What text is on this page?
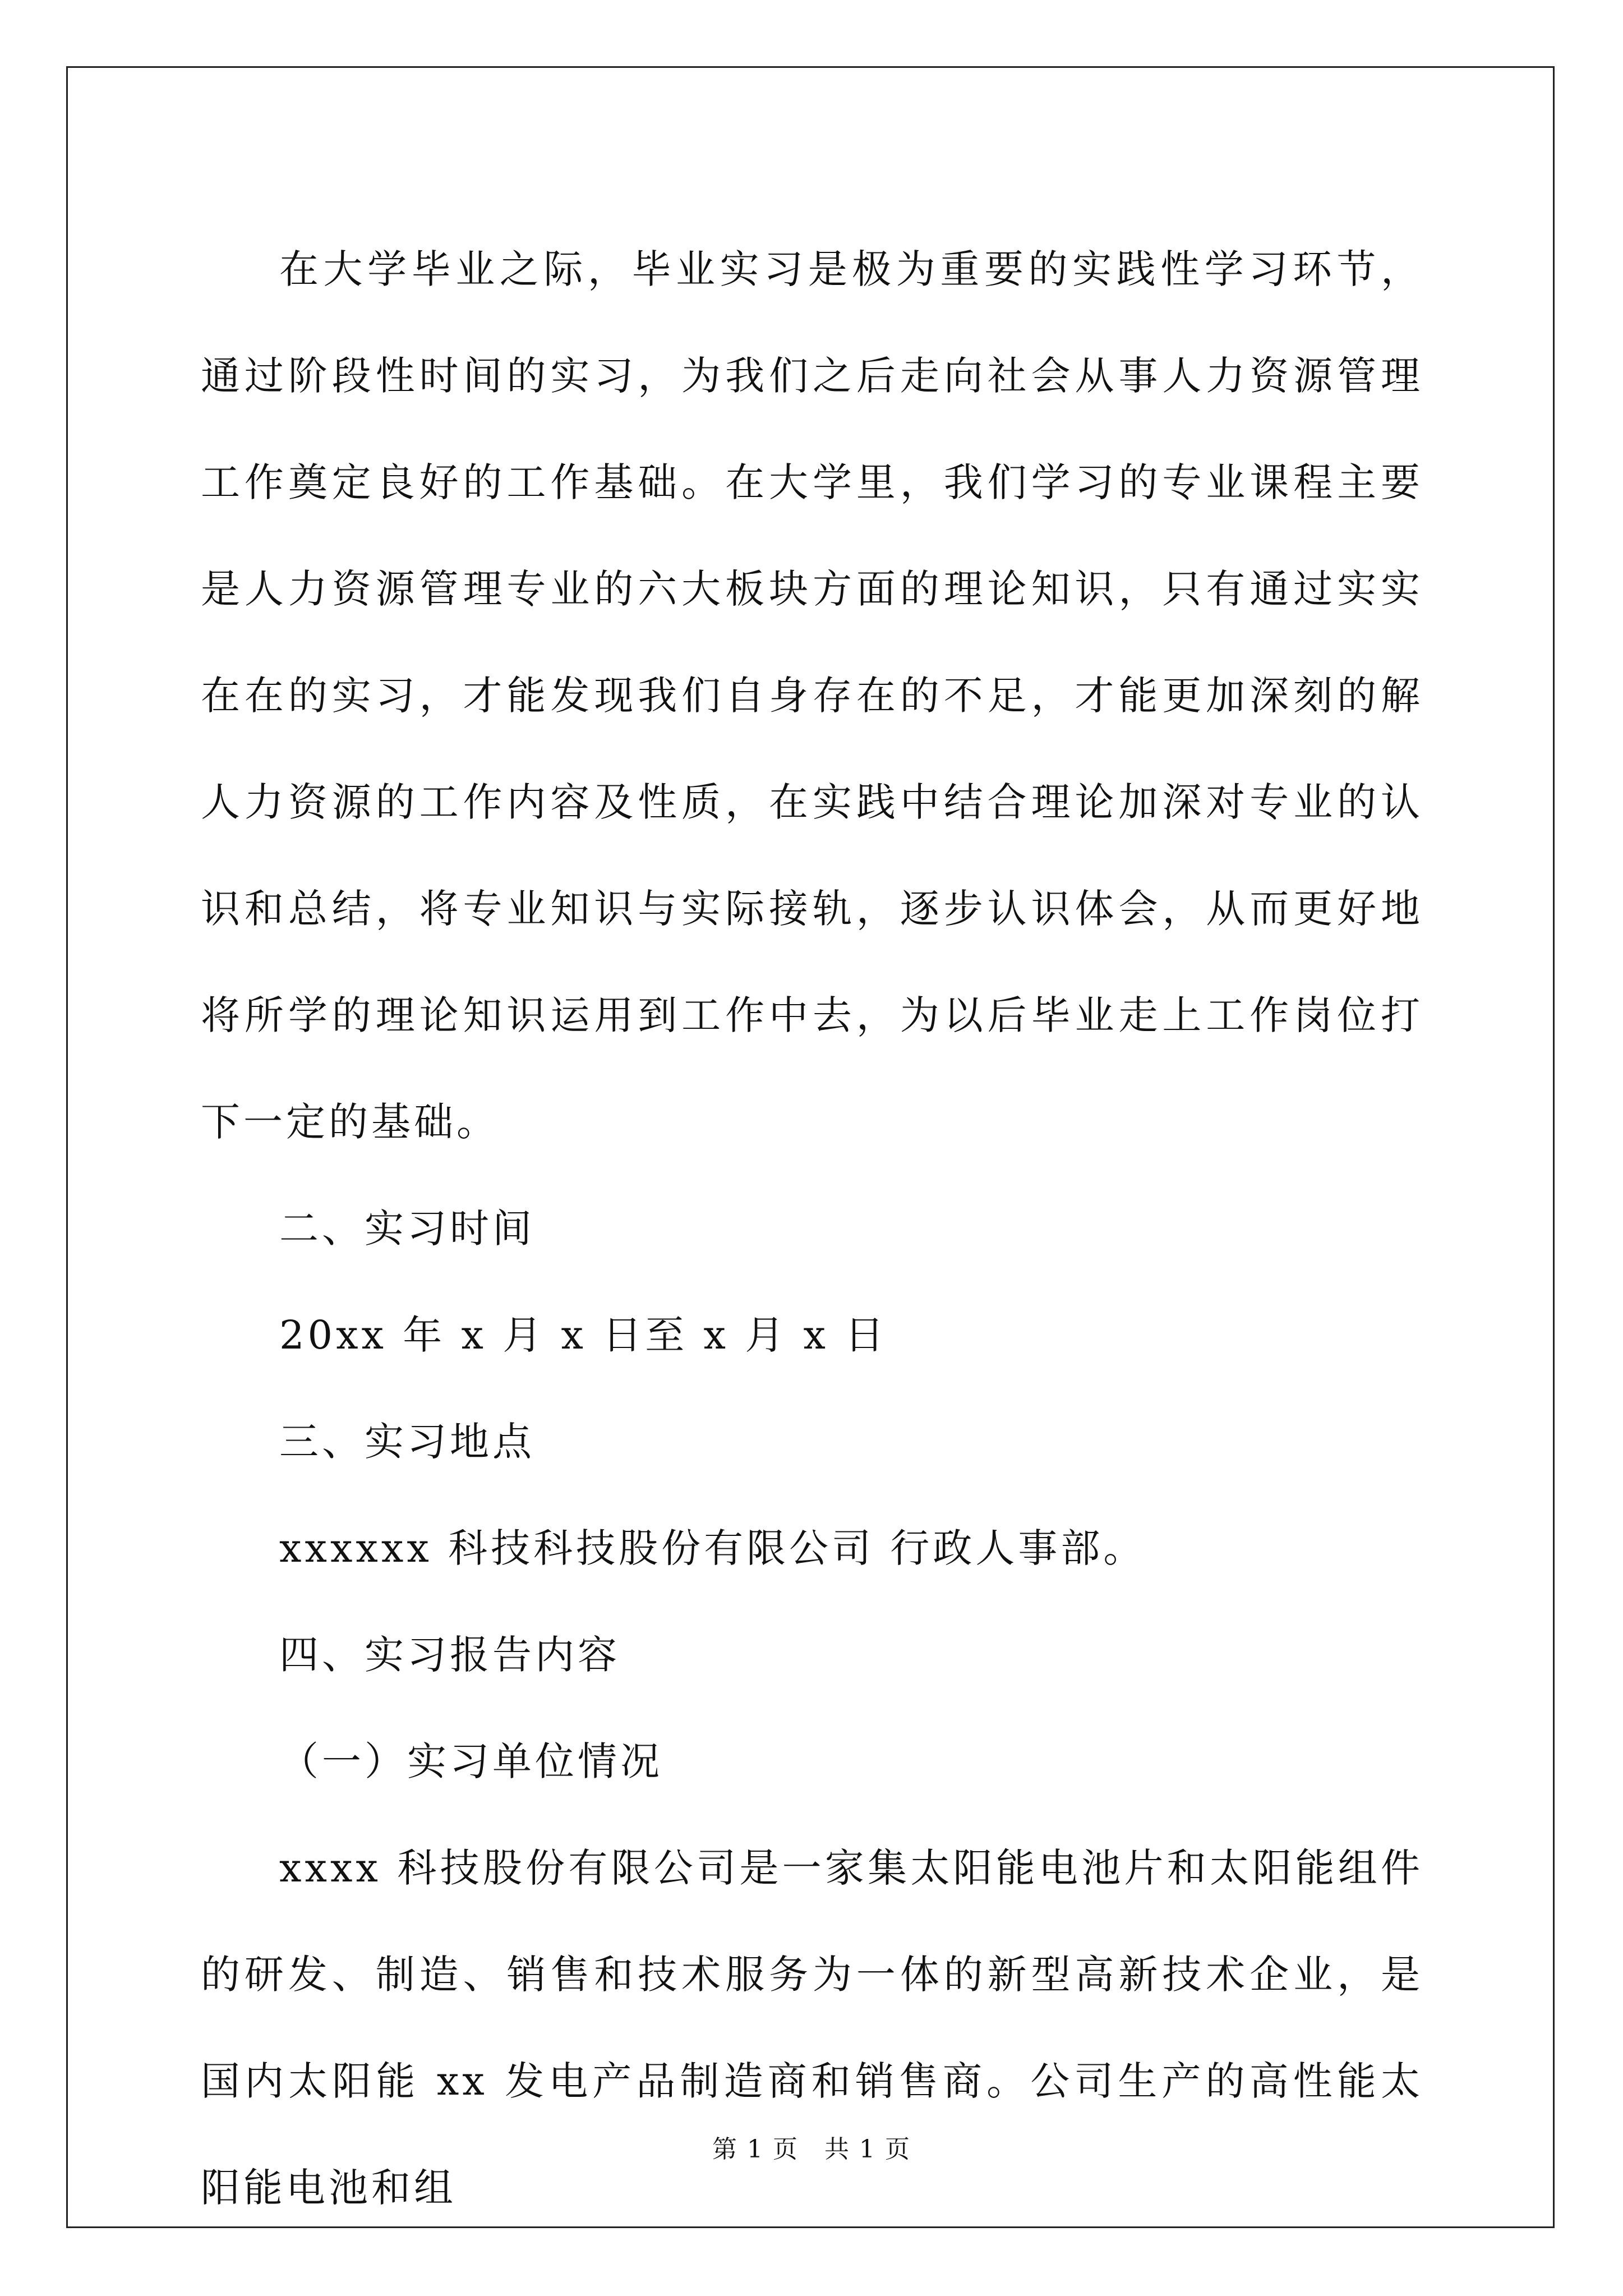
在大学毕业之际，毕业实习是极为重要的实践性学习环节，通过阶段性时间的实习，为我们之后走向社会从事人力资源管理工作奠定良好的工作基础。在大学里，我们学习的专业课程主要是人力资源管理专业的六大板块方面的理论知识，只有通过实实在在的实习，才能发现我们自身存在的不足，才能更加深刻的解人力资源的工作内容及性质，在实践中结合理论加深对专业的认识和总结，将专业知识与实际接轨，逐步认识体会，从而更好地将所学的理论知识运用到工作中去，为以后毕业走上工作岗位打下一定的基础。

二、实习时间

20xx 年 x 月 x 日至 x 月 x 日

三、实习地点

xxxxxx 科技科技股份有限公司 行政人事部。

四、实习报告内容

（一）实习单位情况

xxxx 科技股份有限公司是一家集太阳能电池片和太阳能组件的研发、制造、销售和技术服务为一体的新型高新技术企业，是国内太阳能 xx 发电产品制造商和销售商。公司生产的高性能太阳能电池和组

第 1 页　共 1 页
